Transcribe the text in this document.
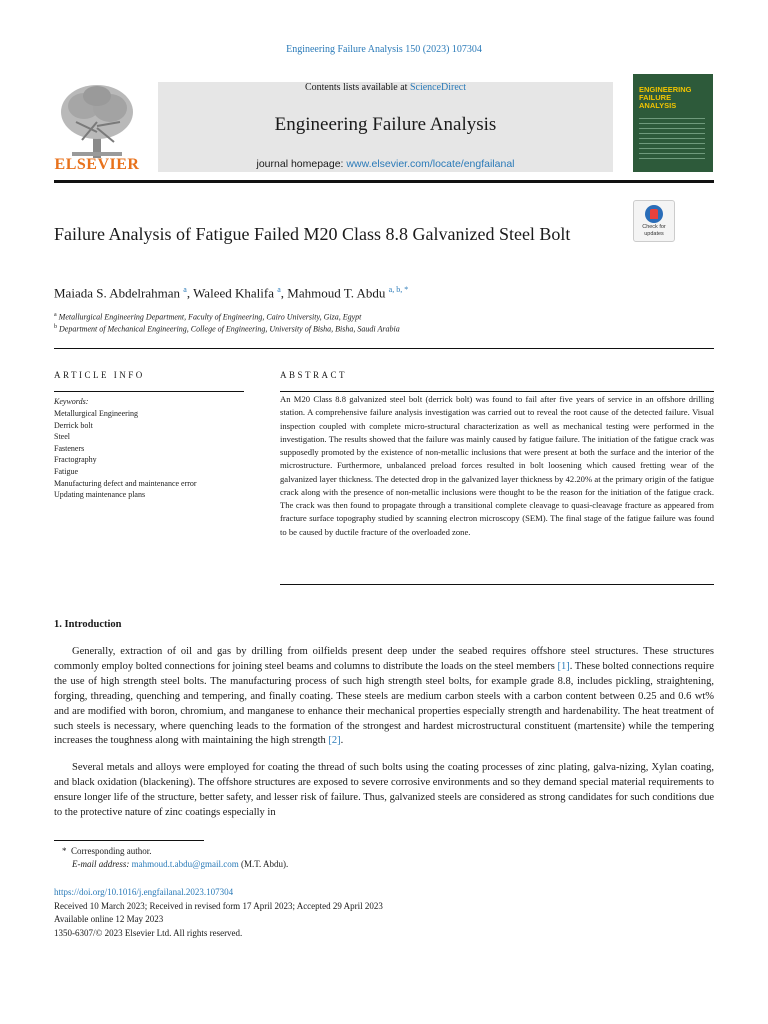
Engineering Failure Analysis 150 (2023) 107304
ELSEVIER
Contents lists available at ScienceDirect
Engineering Failure Analysis
journal homepage: www.elsevier.com/locate/engfailanal
ENGINEERING
FAILURE
ANALYSIS
Check for
updates
Failure Analysis of Fatigue Failed M20 Class 8.8 Galvanized Steel Bolt
Maiada S. Abdelrahman $^a$, Waleed Khalifa $^a$, Mahmoud T. Abdu $^{a, b, *}$
$^a$ Metallurgical Engineering Department, Faculty of Engineering, Cairo University, Giza, Egypt
$^b$ Department of Mechanical Engineering, College of Engineering, University of Bisha, Bisha, Saudi Arabia
ARTICLE INFO
Keywords:
Metallurgical Engineering
Derrick bolt
Steel
Fasteners
Fractography
Fatigue
Manufacturing defect and maintenance error
Updating maintenance plans
ABSTRACT
An M20 Class 8.8 galvanized steel bolt (derrick bolt) was found to fail after five years of service in an offshore drilling station. A comprehensive failure analysis investigation was carried out to reveal the root cause of the detected failure. Visual inspection coupled with complete micro-structural characterization as well as mechanical testing were performed in the investigation. The results showed that the failure was mainly caused by fatigue failure. The initiation of the fatigue crack was supposedly promoted by the existence of non-metallic inclusions that were present at both the surface and the interior of the microstructure. Furthermore, unbalanced preload forces resulted in bolt loosening which caused fretting wear of the galvanized layer thickness. The detected drop in the galvanized layer thickness by 42.20% at the primary origin of the fatigue crack along with the presence of non-metallic inclusions were thought to be the reason for the initiation of the fatigue crack. The crack was then found to propagate through a transitional complete cleavage to quasi-cleavage fracture as appeared from fracture surface topography studied by scanning electron microscopy (SEM). The final stage of the fatigue failure was found to be caused by ductile fracture of the overloaded zone.
1. Introduction
Generally, extraction of oil and gas by drilling from oilfields present deep under the seabed requires offshore steel structures. These structures commonly employ bolted connections for joining steel beams and columns to distribute the loads on the steel members [1]. These bolted connections require the use of high strength steel bolts. The manufacturing process of such high strength steel bolts, for example grade 8.8, includes pickling, straightening, forging, threading, quenching and tempering, and finally coating. These steels are medium carbon steels with a carbon content between 0.25 and 0.6 wt% and are modified with boron, chromium, and manganese to enhance their mechanical properties especially strength and hardenability. The heat treatment of such steels is necessary, where quenching leads to the formation of the strongest and hardest microstructural constituent (martensite) while the tempering increases the toughness along with maintaining the high strength [2].
Several metals and alloys were employed for coating the thread of such bolts using the coating processes of zinc plating, galva-nizing, Xylan coating, and black oxidation (blackening). The offshore structures are exposed to severe corrosive environments and so they demand special material requirements to ensure longer life of the structure, better safety, and lesser risk of failure. Thus, galvanized steels are considered as strong candidates for such conditions due to the protective nature of zinc coatings especially in
* Corresponding author.
E-mail address: mahmoud.t.abdu@gmail.com (M.T. Abdu).
https://doi.org/10.1016/j.engfailanal.2023.107304
Received 10 March 2023; Received in revised form 17 April 2023; Accepted 29 April 2023
Available online 12 May 2023
1350-6307/© 2023 Elsevier Ltd. All rights reserved.
